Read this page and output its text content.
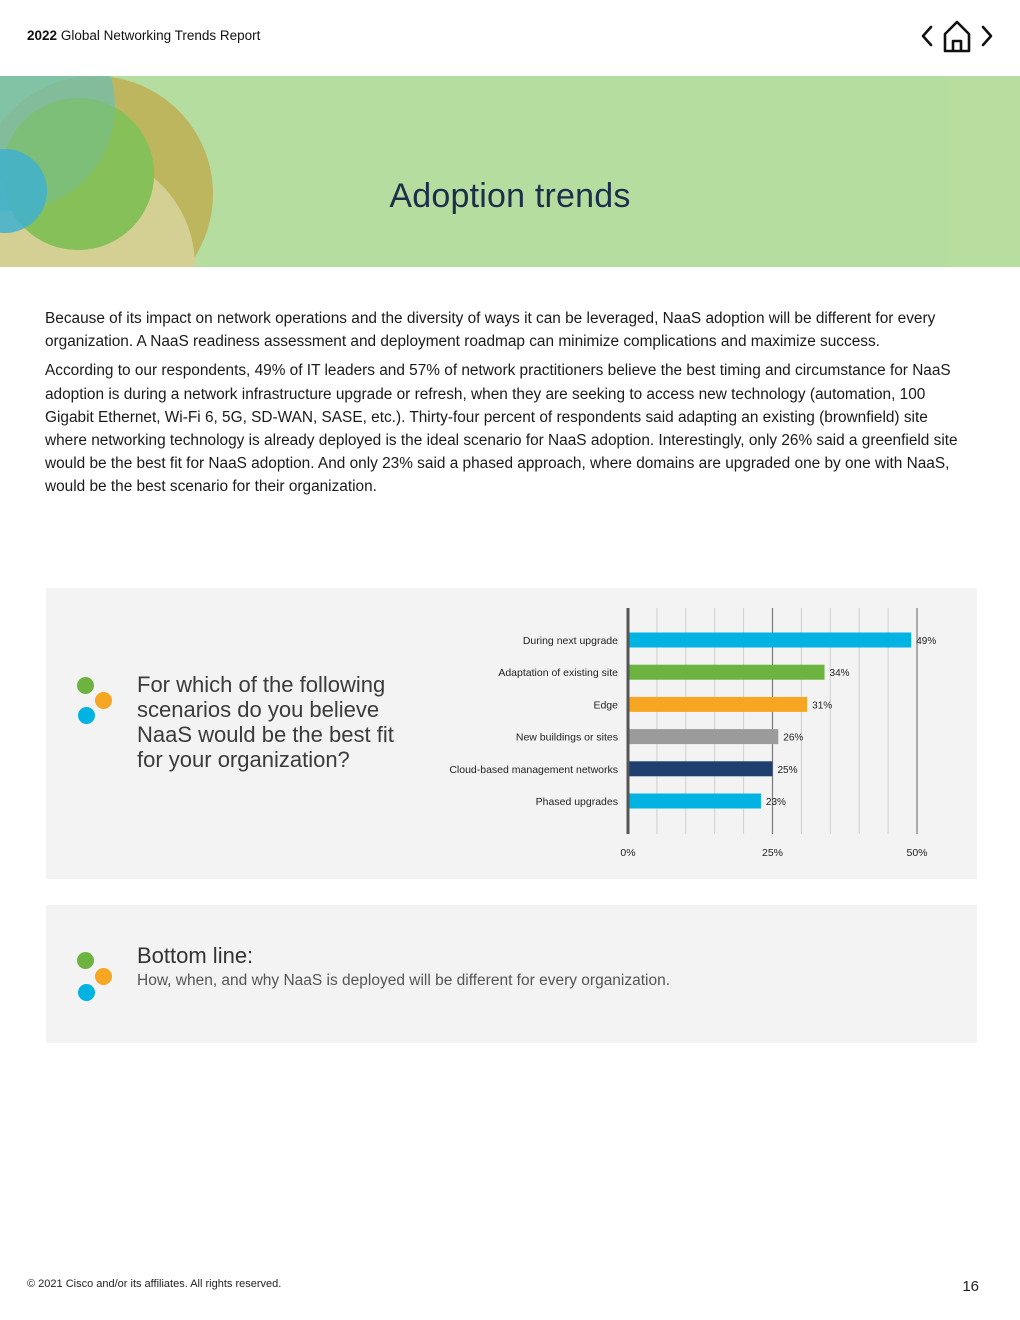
2022 Global Networking Trends Report
Adoption trends

Because of its impact on network operations and the diversity of ways it can be leveraged, NaaS adoption will be different for every organization. A NaaS readiness assessment and deployment roadmap can minimize complications and maximize success.

According to our respondents, 49% of IT leaders and 57% of network practitioners believe the best timing and circumstance for NaaS adoption is during a network infrastructure upgrade or refresh, when they are seeking to access new technology (automation, 100 Gigabit Ethernet, Wi-Fi 6, 5G, SD-WAN, SASE, etc.). Thirty-four percent of respondents said adapting an existing (brownfield) site where networking technology is already deployed is the ideal scenario for NaaS adoption. Interestingly, only 26% said a greenfield site would be the best fit for NaaS adoption. And only 23% said a phased approach, where domains are upgraded one by one with NaaS, would be the best scenario for their organization.

For which of the following scenarios do you believe NaaS would be the best fit for your organization?
During next upgrade	49%
Adaptation of existing site	34%
Edge	31%
New buildings or sites	26%
Cloud-based management networks	25%
Phased upgrades	23%
0%	25%	50%
Bottom line:
How, when, and why NaaS is deployed will be different for every organization.
© 2021 Cisco and/or its affiliates. All rights reserved.	16
